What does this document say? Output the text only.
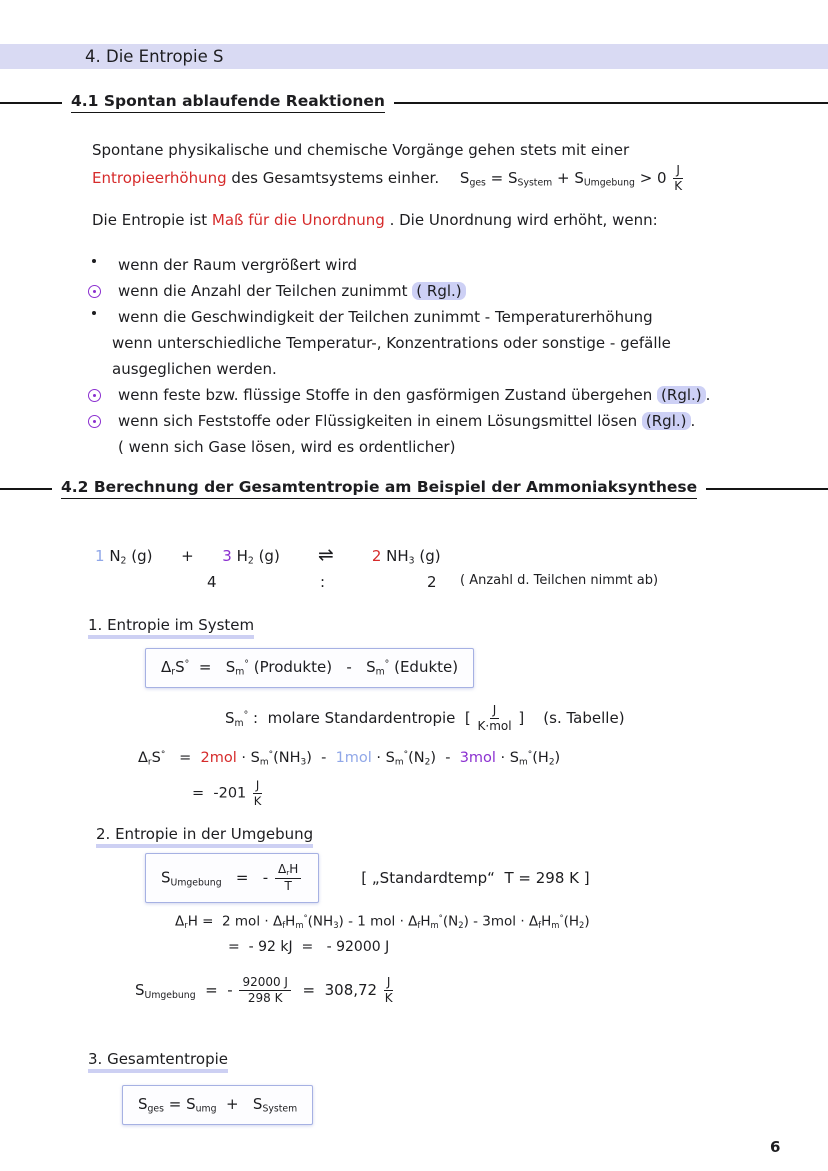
4. Die Entropie S
4.1 Spontan ablaufende Reaktionen
Spontane physikalische und chemische Vorgänge gehen stets mit einer
Entropieerhöhung des Gesamtsystems einher. $S_{ges} = S_{System} + S_{Umgebung} > 0 \frac{J}{K}$
Die Entropie ist Maß für die Unordnung . Die Unordnung wird erhöht, wenn:
wenn der Raum vergrößert wird
wenn die Anzahl der Teilchen zunimmt ( Rgl.)
wenn die Geschwindigkeit der Teilchen zunimmt - Temperaturerhöhung
wenn unterschiedliche Temperatur-, Konzentrations oder sonstige - gefälle
ausgeglichen werden.
wenn feste bzw. flüssige Stoffe in den gasförmigen Zustand übergehen (Rgl.) .
wenn sich Feststoffe oder Flüssigkeiten in einem Lösungsmittel lösen (Rgl.) .
( wenn sich Gase lösen, wird es ordentlicher)
4.2 Berechnung der Gesamtentropie am Beispiel der Ammoniaksynthese
1 $N_2$ (g)      +      3 $H_2$ (g) ⇌	2 $NH_3$ (g)
4	:	2 ( Anzahl d. Teilchen nimmt ab)
1. Entropie im System
$\Delta_rS^\circ = S_m^\circ$ (Produkte)   -   $S_m^\circ$ (Edukte)
$S_m^\circ$ :  molare Standardentropie  [ $\frac{J}{\text{K·mol}}$ ]    (s. Tabelle)
$\Delta_rS^\circ = 2mol \cdot S_m^\circ(NH_3) - 1mol \cdot S_m^\circ(N_2) - 3mol \cdot S_m^\circ(H_2)$
=  $-201 \frac{J}{K}$
2. Entropie in der Umgebung
$S_{Umgebung}$   =   - $\frac{\Delta_rH}{T}$	[ „Standardtemp“  T = 298 K ]
$\Delta_rH = 2$ mol · $\Delta_fH_m^\circ(NH_3) - 1$ mol · $\Delta_fH_m^\circ(N_2) - 3mol \cdot \Delta_fH_m^\circ(H_2)$
=  - 92 kJ  =   - 92000 J
$S_{Umgebung}$  =  - $\frac{92000 J}{298 K} = 308,72 \frac{J}{K}$
3. Gesamtentropie
$S_{ges} = S_{umg} + S_{System}$
6
